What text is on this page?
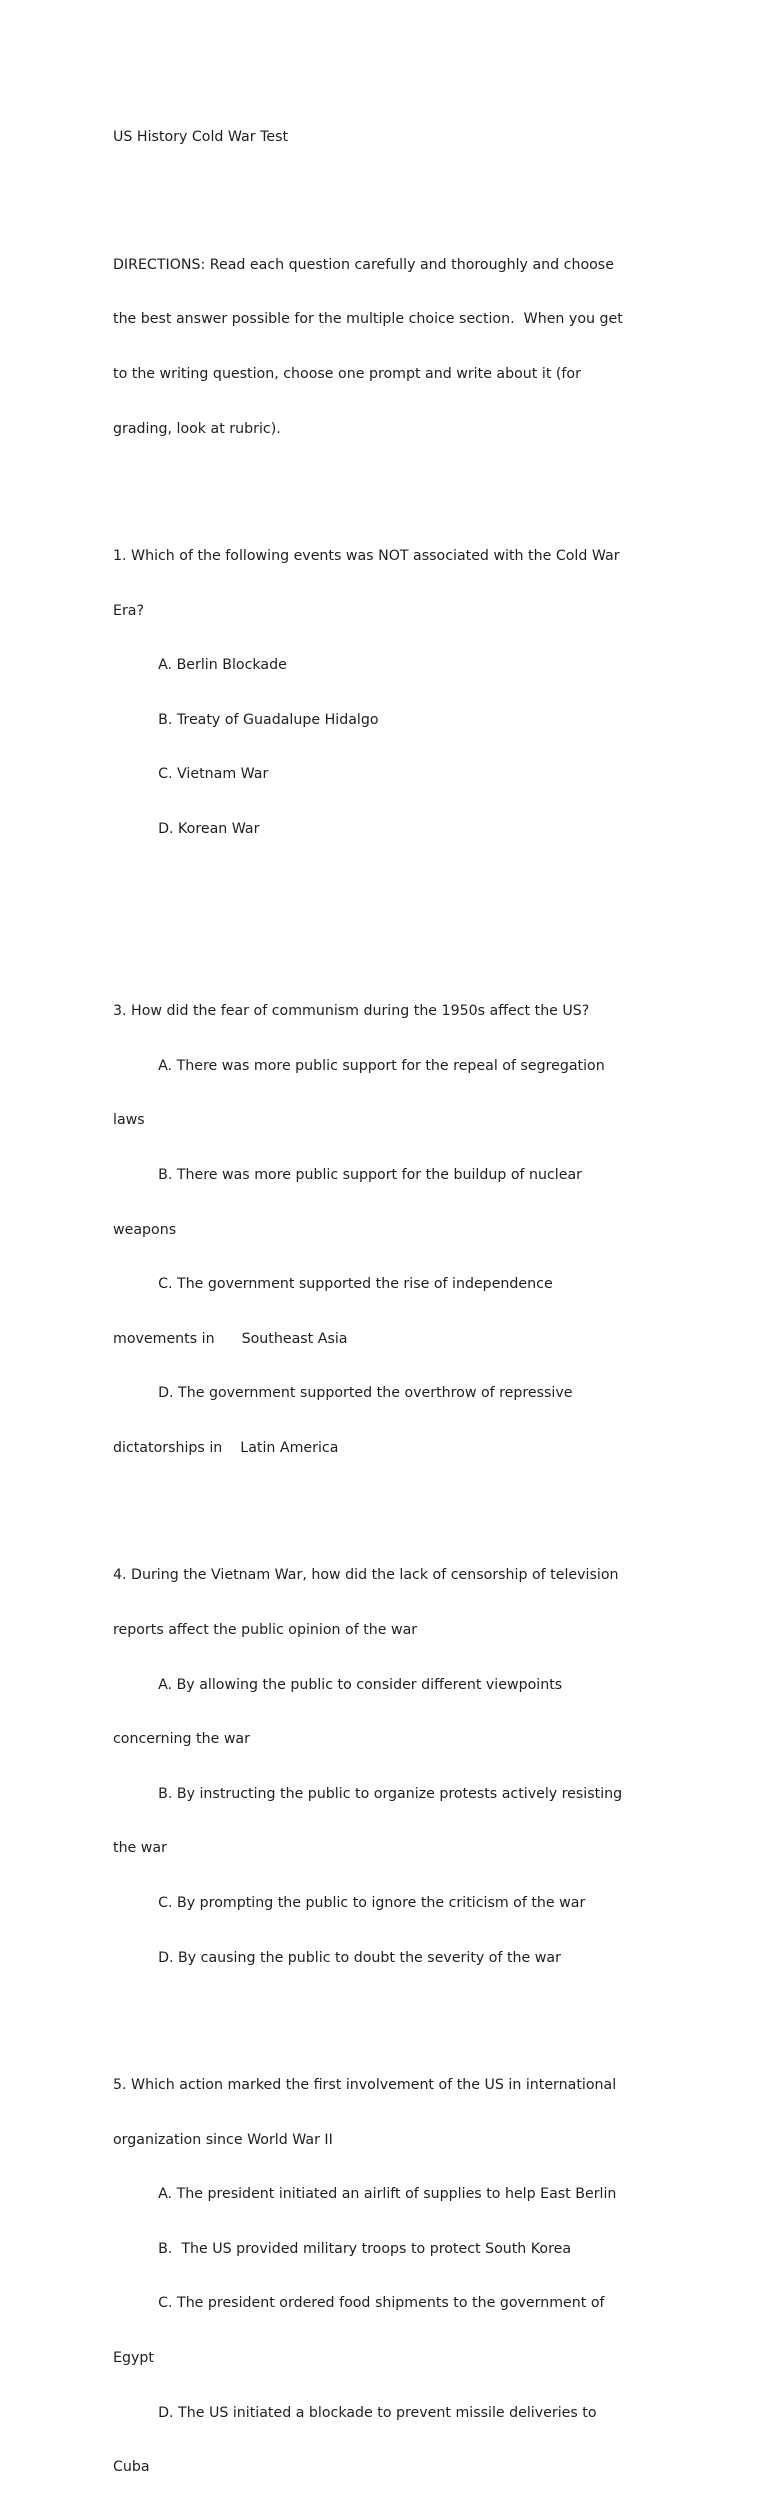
US History Cold War Test

DIRECTIONS: Read each question carefully and thoroughly and choose

the best answer possible for the multiple choice section.  When you get

to the writing question, choose one prompt and write about it (for

grading, look at rubric).

1. Which of the following events was NOT associated with the Cold War

Era?

A. Berlin Blockade

B. Treaty of Guadalupe Hidalgo

C. Vietnam War

D. Korean War

3. How did the fear of communism during the 1950s affect the US?

A. There was more public support for the repeal of segregation

laws

B. There was more public support for the buildup of nuclear

weapons

C. The government supported the rise of independence

movements in      Southeast Asia

D. The government supported the overthrow of repressive

dictatorships in    Latin America

4. During the Vietnam War, how did the lack of censorship of television

reports affect the public opinion of the war

A. By allowing the public to consider different viewpoints

concerning the war

B. By instructing the public to organize protests actively resisting

the war

C. By prompting the public to ignore the criticism of the war

D. By causing the public to doubt the severity of the war

5. Which action marked the first involvement of the US in international

organization since World War II

A. The president initiated an airlift of supplies to help East Berlin

B.  The US provided military troops to protect South Korea

C. The president ordered food shipments to the government of

Egypt

D. The US initiated a blockade to prevent missile deliveries to

Cuba
